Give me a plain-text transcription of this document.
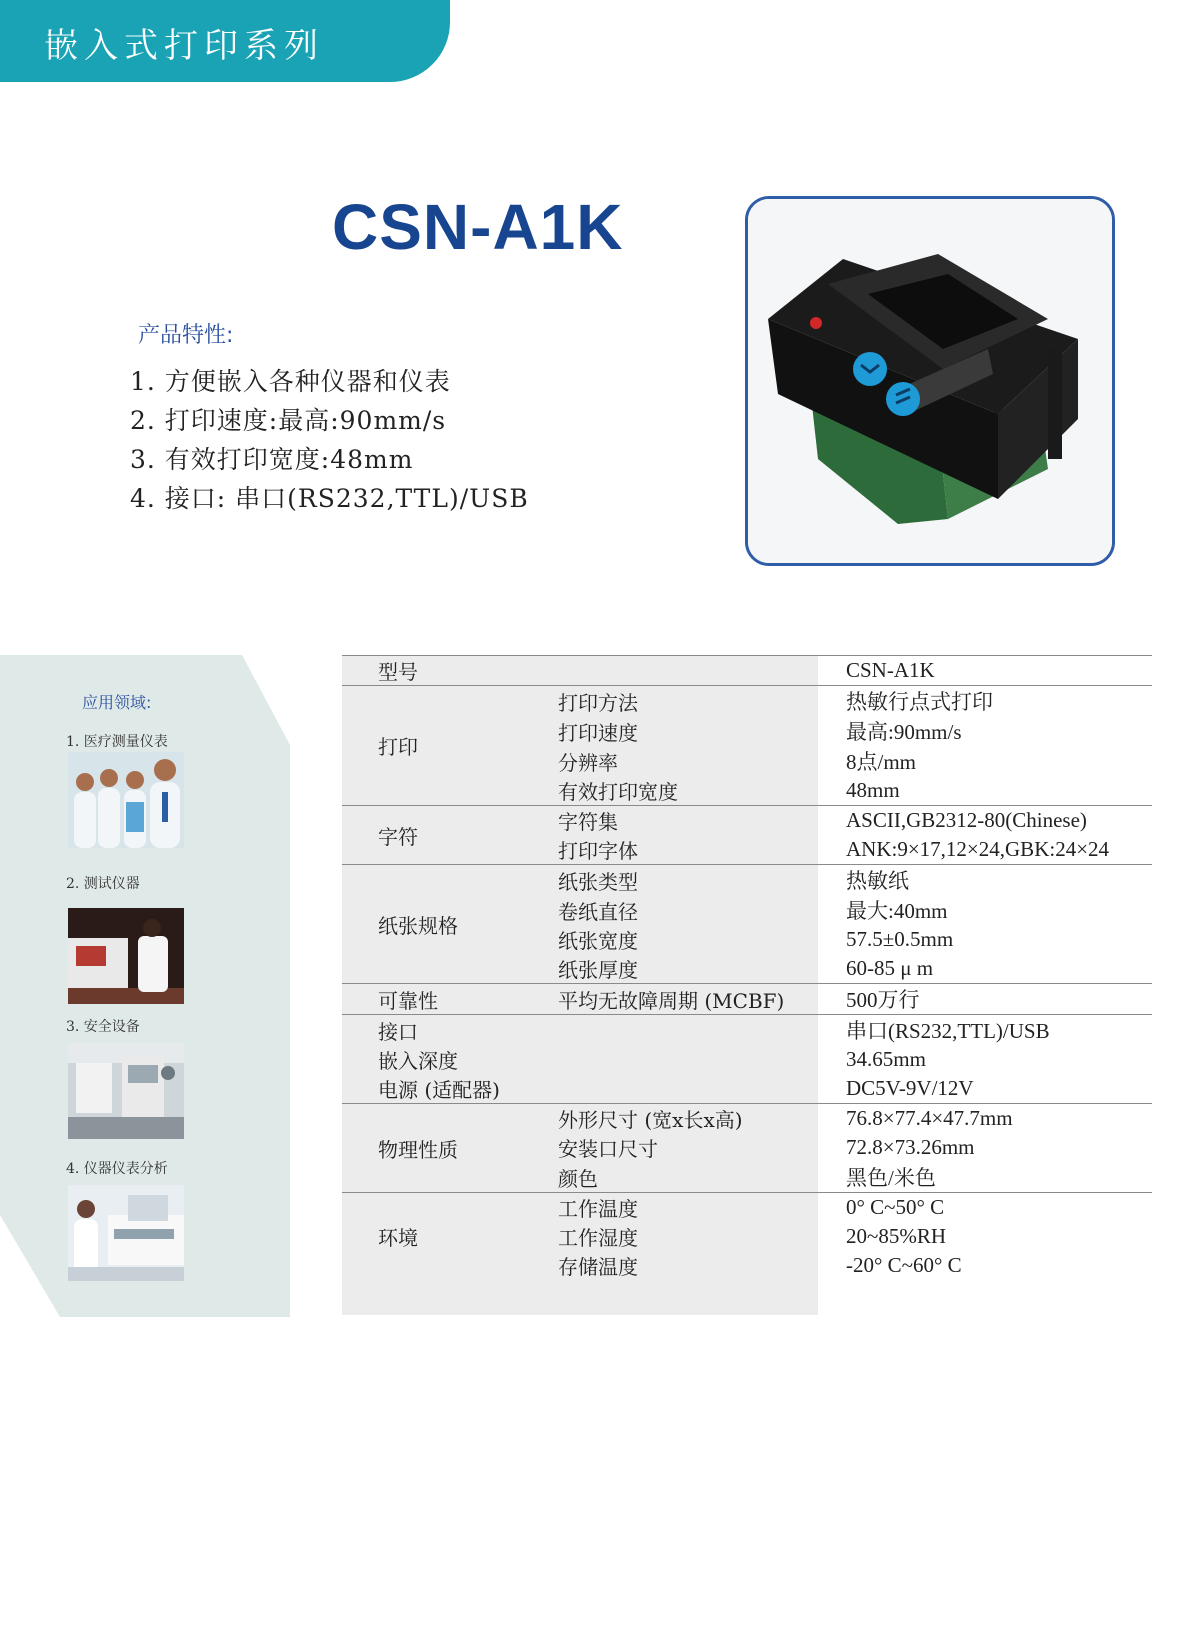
嵌入式打印系列
CSN-A1K
产品特性:
1. 方便嵌入各种仪器和仪表
2. 打印速度:最高:90mm/s
3. 有效打印宽度:48mm
4. 接口: 串口(RS232,TTL)/USB
应用领域:
1. 医疗测量仪表
2. 测试仪器
3. 安全设备
4. 仪器仪表分析
型号		CSN-A1K
打印	打印方法	热敏行点式打印
	打印速度	最高:90mm/s
	分辨率	8点/mm
	有效打印宽度	48mm
字符	字符集	ASCII,GB2312-80(Chinese)
	打印字体	ANK:9×17,12×24,GBK:24×24
纸张规格	纸张类型	热敏纸
	卷纸直径	最大:40mm
	纸张宽度	57.5±0.5mm
	纸张厚度	60-85 μ m
可靠性	平均无故障周期 (MCBF)	500万行
接口		串口(RS232,TTL)/USB
嵌入深度		34.65mm
电源 (适配器)		DC5V-9V/12V
物理性质	外形尺寸 (宽x长x高)	76.8×77.4×47.7mm
	安装口尺寸	72.8×73.26mm
	颜色	黑色/米色
环境	工作温度	0° C~50° C
	工作湿度	20~85%RH
	存储温度	-20° C~60° C
